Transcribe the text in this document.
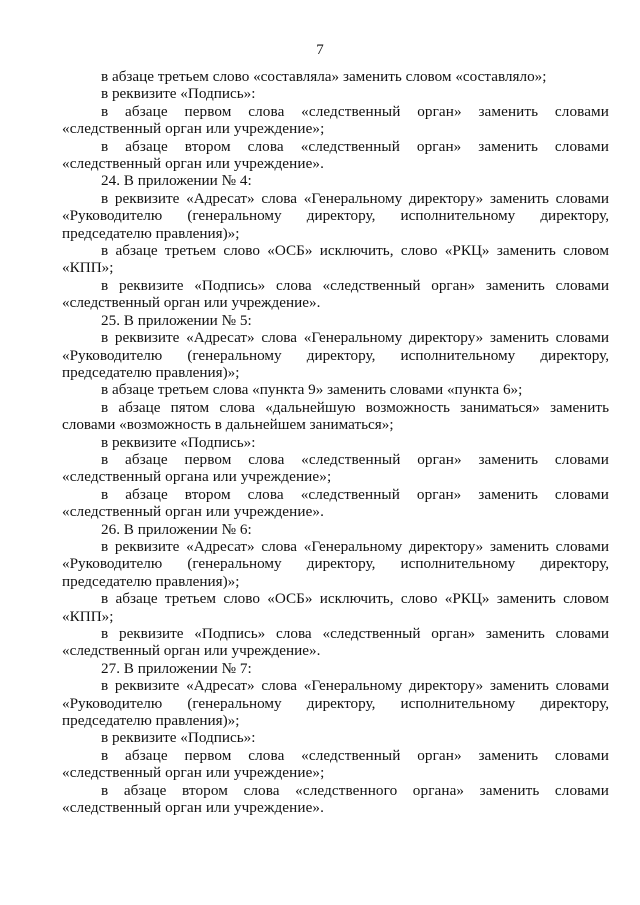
7

в абзаце третьем слово «составляла» заменить словом «составляло»;

в реквизите «Подпись»:

в абзаце первом слова «следственный орган» заменить словами «следственный орган или учреждение»;

в абзаце втором слова «следственный орган» заменить словами «следственный орган или учреждение».

24. В приложении № 4:

в реквизите «Адресат» слова «Генеральному директору» заменить словами «Руководителю (генеральному директору, исполнительному директору, председателю правления)»;

в абзаце третьем слово «ОСБ» исключить, слово «РКЦ» заменить словом «КПП»;

в реквизите «Подпись» слова «следственный орган» заменить словами «следственный орган или учреждение».

25. В приложении № 5:

в реквизите «Адресат» слова «Генеральному директору» заменить словами «Руководителю (генеральному директору, исполнительному директору, председателю правления)»;

в абзаце третьем слова «пункта 9» заменить словами «пункта 6»;

в абзаце пятом слова «дальнейшую возможность заниматься» заменить словами «возможность в дальнейшем заниматься»;

в реквизите «Подпись»:

в абзаце первом слова «следственный орган» заменить словами «следственный органа или учреждение»;

в абзаце втором слова «следственный орган» заменить словами «следственный орган или учреждение».

26. В приложении № 6:

в реквизите «Адресат» слова «Генеральному директору» заменить словами «Руководителю (генеральному директору, исполнительному директору, председателю правления)»;

в абзаце третьем слово «ОСБ» исключить, слово «РКЦ» заменить словом «КПП»;

в реквизите «Подпись» слова «следственный орган» заменить словами «следственный орган или учреждение».

27. В приложении № 7:

в реквизите «Адресат» слова «Генеральному директору» заменить словами «Руководителю (генеральному директору, исполнительному директору, председателю правления)»;

в реквизите «Подпись»:

в абзаце первом слова «следственный орган» заменить словами «следственный орган или учреждение»;

в абзаце втором слова «следственного органа» заменить словами «следственный орган или учреждение».
